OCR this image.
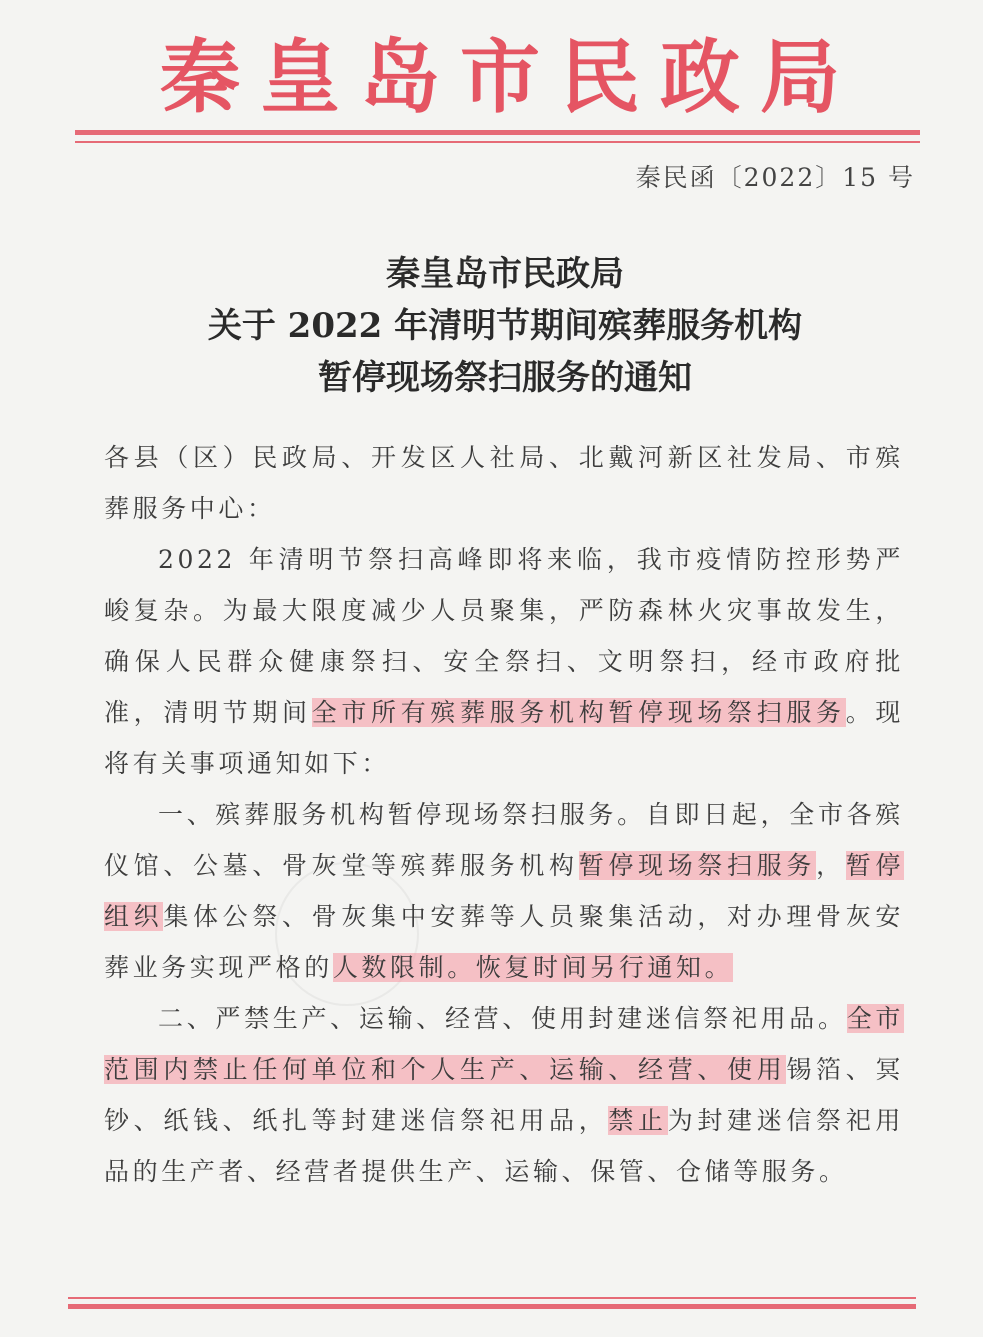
秦皇岛市民政局
秦民函〔2022〕15 号
秦皇岛市民政局
关于 2022 年清明节期间殡葬服务机构
暂停现场祭扫服务的通知

各县（区）民政局、开发区人社局、北戴河新区社发局、市殡葬服务中心：

2022 年清明节祭扫高峰即将来临，我市疫情防控形势严峻复杂。为最大限度减少人员聚集，严防森林火灾事故发生，确保人民群众健康祭扫、安全祭扫、文明祭扫，经市政府批准，清明节期间全市所有殡葬服务机构暂停现场祭扫服务。现将有关事项通知如下：

一、殡葬服务机构暂停现场祭扫服务。自即日起，全市各殡仪馆、公墓、骨灰堂等殡葬服务机构暂停现场祭扫服务，暂停组织集体公祭、骨灰集中安葬等人员聚集活动，对办理骨灰安葬业务实现严格的人数限制。恢复时间另行通知。

二、严禁生产、运输、经营、使用封建迷信祭祀用品。全市范围内禁止任何单位和个人生产、运输、经营、使用锡箔、冥钞、纸钱、纸扎等封建迷信祭祀用品，禁止为封建迷信祭祀用品的生产者、经营者提供生产、运输、保管、仓储等服务。
